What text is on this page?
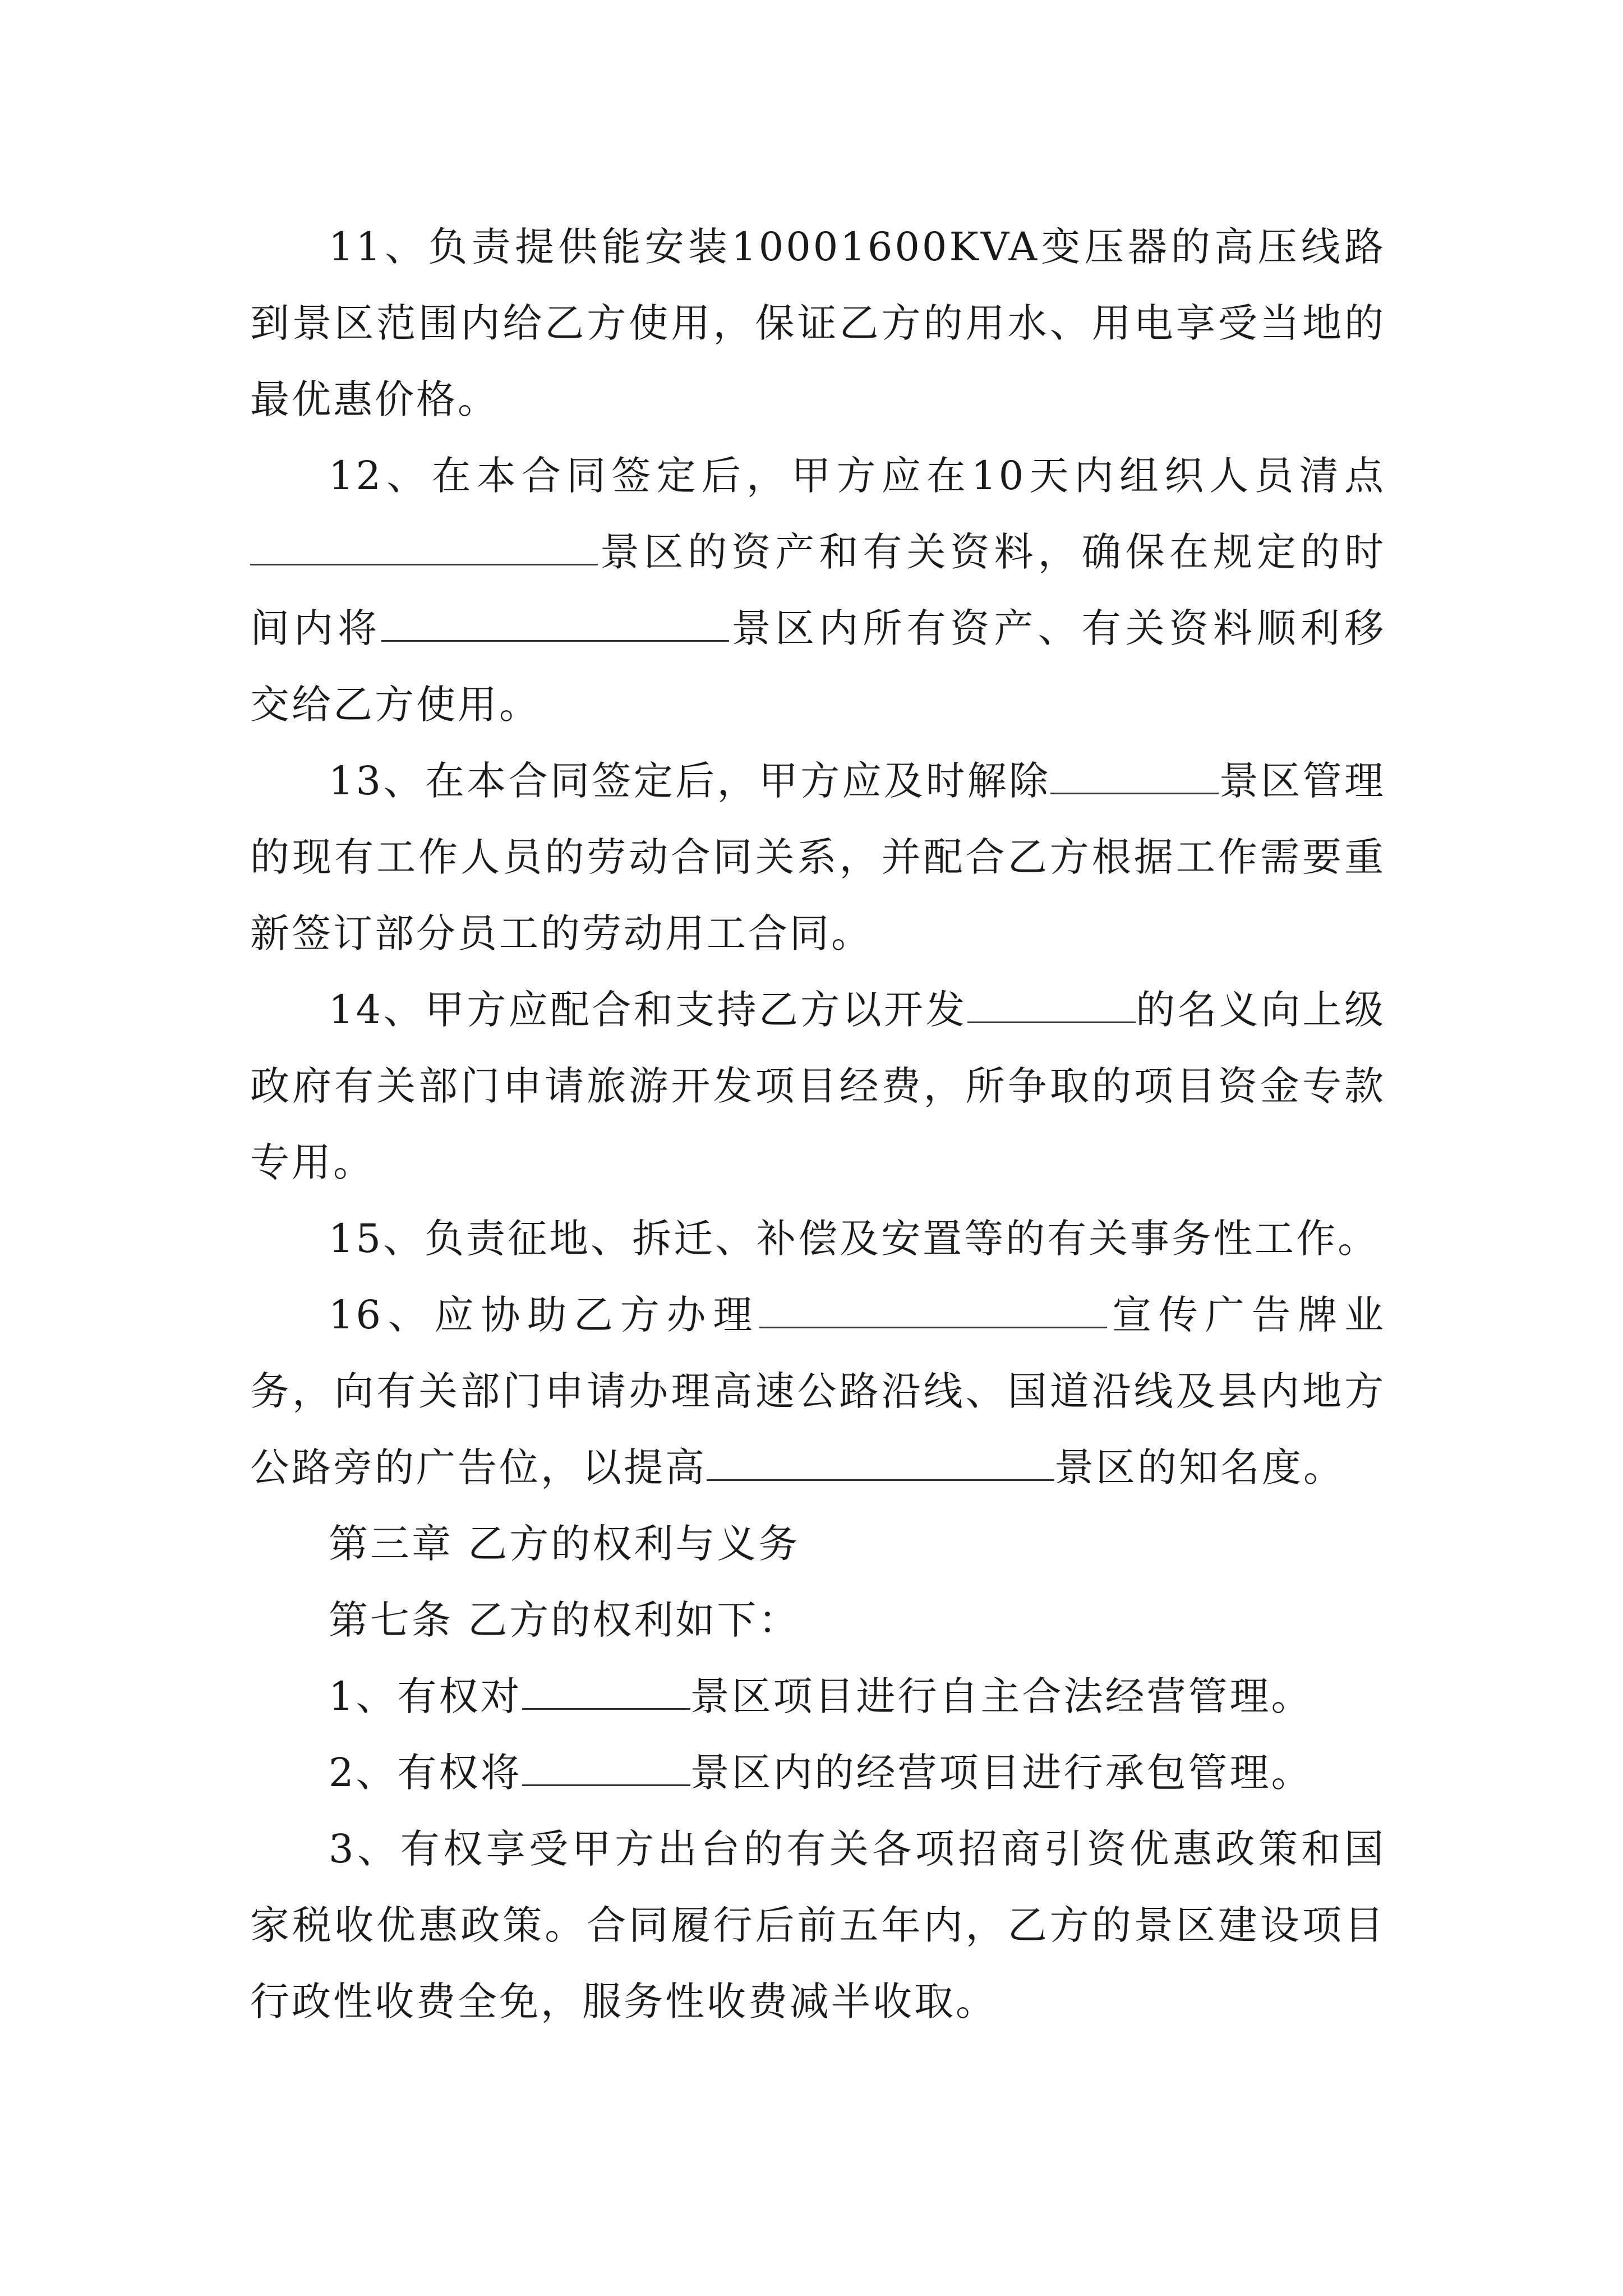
11、负责提供能安装10001600KVA变压器的高压线路到景区范围内给乙方使用，保证乙方的用水、用电享受当地的最优惠价格。

12、在本合同签定后，甲方应在10天内组织人员清点景区的资产和有关资料，确保在规定的时间内将	景区内所有资产、有关资料顺利移交给乙方使用。

13、在本合同签定后，甲方应及时解除	景区管理的现有工作人员的劳动合同关系，并配合乙方根据工作需要重新签订部分员工的劳动用工合同。

14、甲方应配合和支持乙方以开发	的名义向上级政府有关部门申请旅游开发项目经费，所争取的项目资金专款专用。

15、负责征地、拆迁、补偿及安置等的有关事务性工作。

16、应协助乙方办理	宣传广告牌业务，向有关部门申请办理高速公路沿线、国道沿线及县内地方公路旁的广告位，以提高	景区的知名度。

第三章 乙方的权利与义务

第七条 乙方的权利如下：

1、有权对	景区项目进行自主合法经营管理。

2、有权将	景区内的经营项目进行承包管理。

3、有权享受甲方出台的有关各项招商引资优惠政策和国家税收优惠政策。合同履行后前五年内，乙方的景区建设项目行政性收费全免，服务性收费减半收取。
